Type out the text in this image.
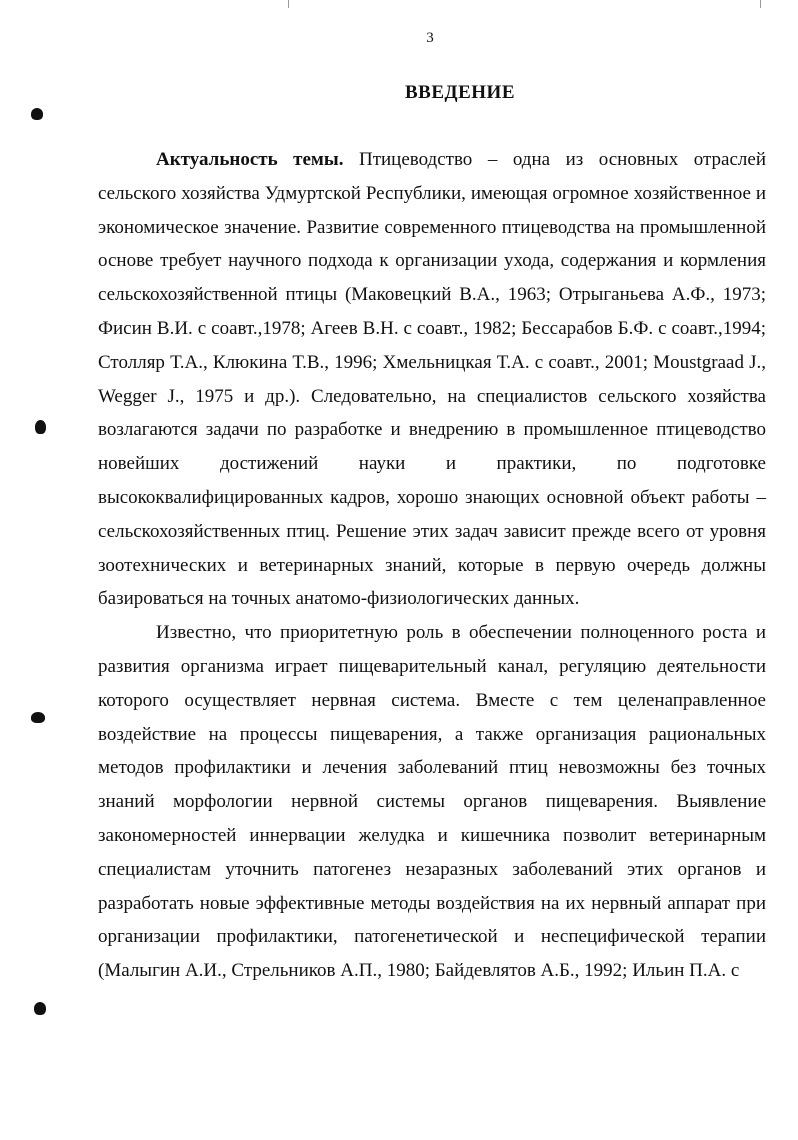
3
ВВЕДЕНИЕ

Актуальность темы. Птицеводство – одна из основных отраслей сельского хозяйства Удмуртской Республики, имеющая огромное хозяйственное и экономическое значение. Развитие современного птицеводства на промышленной основе требует научного подхода к организации ухода, содержания и кормления сельскохозяйственной птицы (Маковецкий В.А., 1963; Отрыганьева А.Ф., 1973; Фисин В.И. с соавт.,1978; Агеев В.Н. с соавт., 1982; Бессарабов Б.Ф. с соавт.,1994; Столляр Т.А., Клюкина Т.В., 1996; Хмельницкая Т.А. с соавт., 2001; Moustgraad J., Wegger J., 1975 и др.). Следовательно, на специалистов сельского хозяйства возлагаются задачи по разработке и внедрению в промышленное птицеводство новейших достижений науки и практики, по подготовке высококвалифицированных кадров, хорошо знающих основной объект работы – сельскохозяйственных птиц. Решение этих задач зависит прежде всего от уровня зоотехнических и ветеринарных знаний, которые в первую очередь должны базироваться на точных анатомо-физиологических данных.

Известно, что приоритетную роль в обеспечении полноценного роста и развития организма играет пищеварительный канал, регуляцию деятельности которого осуществляет нервная система. Вместе с тем целенаправленное воздействие на процессы пищеварения, а также организация рациональных методов профилактики и лечения заболеваний птиц невозможны без точных знаний морфологии нервной системы органов пищеварения. Выявление закономерностей иннервации желудка и кишечника позволит ветеринарным специалистам уточнить патогенез незаразных заболеваний этих органов и разработать новые эффективные методы воздействия на их нервный аппарат при организации профилактики, патогенетической и неспецифической терапии (Малыгин А.И., Стрельников А.П., 1980; Байдевлятов А.Б., 1992; Ильин П.А. с
